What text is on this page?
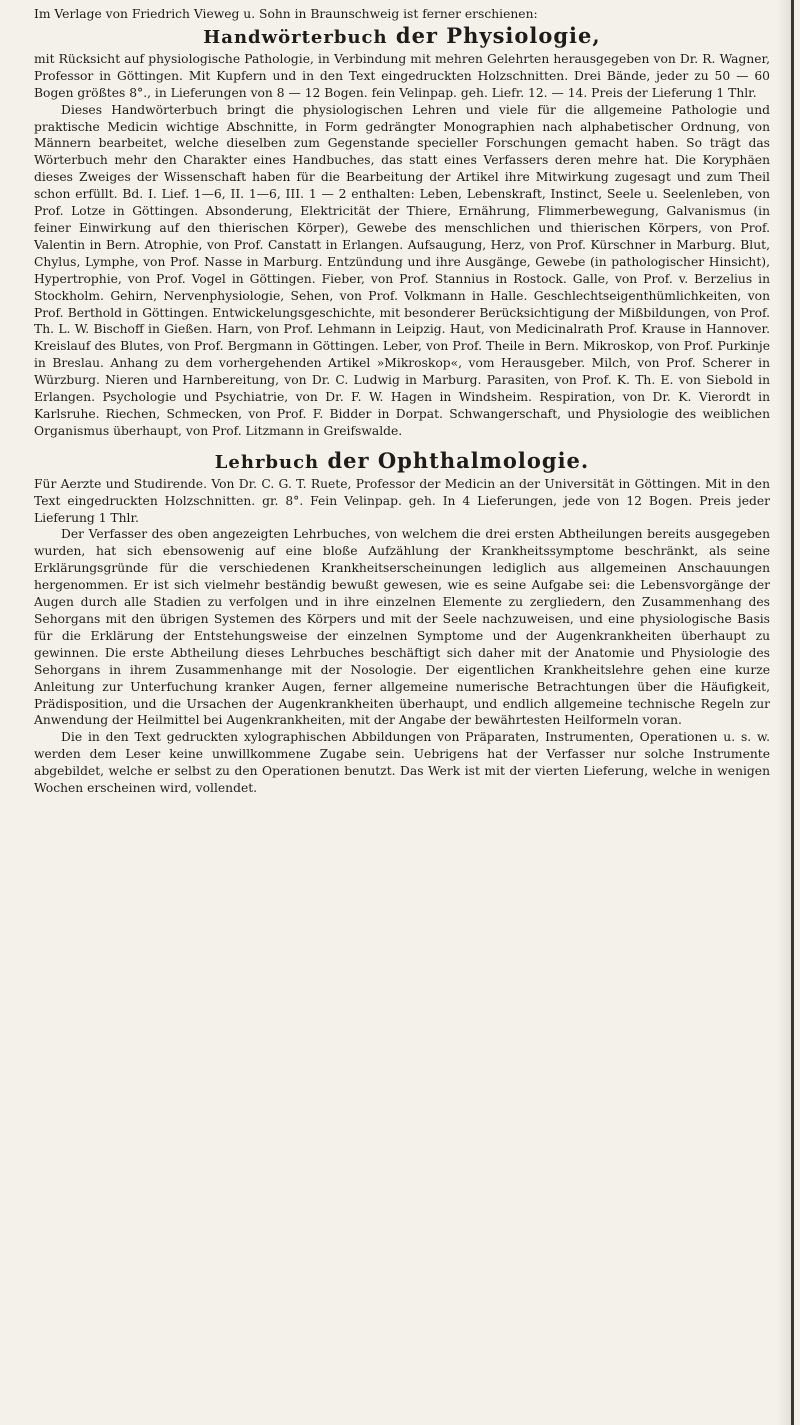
Im Verlage von Friedrich Vieweg u. Sohn in Braunschweig ist ferner erschienen:

Handwörterbuch der Physiologie,

mit Rücksicht auf physiologische Pathologie, in Verbindung mit mehren Gelehrten herausgegeben von Dr. R. Wagner, Professor in Göttingen. Mit Kupfern und in den Text eingedruckten Holzschnitten. Drei Bände, jeder zu 50 — 60 Bogen größtes 8°., in Lieferungen von 8 — 12 Bogen. fein Velinpap. geh. Liefr. 12. — 14. Preis der Lieferung 1 Thlr.

Dieses Handwörterbuch bringt die physiologischen Lehren und viele für die allgemeine Pathologie und praktische Medicin wichtige Abschnitte, in Form gedrängter Monographien nach alphabetischer Ordnung, von Männern bearbeitet, welche dieselben zum Gegenstande specieller Forschungen gemacht haben. So trägt das Wörterbuch mehr den Charakter eines Handbuches, das statt eines Verfassers deren mehre hat. Die Koryphäen dieses Zweiges der Wissenschaft haben für die Bearbeitung der Artikel ihre Mitwirkung zugesagt und zum Theil schon erfüllt. Bd. I. Lief. 1—6, II. 1—6, III. 1 — 2 enthalten: Leben, Lebenskraft, Instinct, Seele u. Seelenleben, von Prof. Lotze in Göttingen. Absonderung, Elektricität der Thiere, Ernährung, Flimmerbewegung, Galvanismus (in feiner Einwirkung auf den thierischen Körper), Gewebe des menschlichen und thierischen Körpers, von Prof. Valentin in Bern. Atrophie, von Prof. Canstatt in Erlangen. Aufsaugung, Herz, von Prof. Kürschner in Marburg. Blut, Chylus, Lymphe, von Prof. Nasse in Marburg. Entzündung und ihre Ausgänge, Gewebe (in pathologischer Hinsicht), Hypertrophie, von Prof. Vogel in Göttingen. Fieber, von Prof. Stannius in Rostock. Galle, von Prof. v. Berzelius in Stockholm. Gehirn, Nervenphysiologie, Sehen, von Prof. Volkmann in Halle. Geschlechtseigenthümlichkeiten, von Prof. Berthold in Göttingen. Entwickelungsgeschichte, mit besonderer Berücksichtigung der Mißbildungen, von Prof. Th. L. W. Bischoff in Gießen. Harn, von Prof. Lehmann in Leipzig. Haut, von Medicinalrath Prof. Krause in Hannover. Kreislauf des Blutes, von Prof. Bergmann in Göttingen. Leber, von Prof. Theile in Bern. Mikroskop, von Prof. Purkinje in Breslau. Anhang zu dem vorhergehenden Artikel »Mikroskop«, vom Herausgeber. Milch, von Prof. Scherer in Würzburg. Nieren und Harnbereitung, von Dr. C. Ludwig in Marburg. Parasiten, von Prof. K. Th. E. von Siebold in Erlangen. Psychologie und Psychiatrie, von Dr. F. W. Hagen in Windsheim. Respiration, von Dr. K. Vierordt in Karlsruhe. Riechen, Schmecken, von Prof. F. Bidder in Dorpat. Schwangerschaft, und Physiologie des weiblichen Organismus überhaupt, von Prof. Litzmann in Greifswalde.

Lehrbuch der Ophthalmologie.

Für Aerzte und Studirende. Von Dr. C. G. T. Ruete, Professor der Medicin an der Universität in Göttingen. Mit in den Text eingedruckten Holzschnitten. gr. 8°. Fein Velinpap. geh. In 4 Lieferungen, jede von 12 Bogen. Preis jeder Lieferung 1 Thlr.

Der Verfasser des oben angezeigten Lehrbuches, von welchem die drei ersten Abtheilungen bereits ausgegeben wurden, hat sich ebensowenig auf eine bloße Aufzählung der Krankheitssymptome beschränkt, als seine Erklärungsgründe für die verschiedenen Krankheitserscheinungen lediglich aus allgemeinen Anschauungen hergenommen. Er ist sich vielmehr beständig bewußt gewesen, wie es seine Aufgabe sei: die Lebensvorgänge der Augen durch alle Stadien zu verfolgen und in ihre einzelnen Elemente zu zergliedern, den Zusammenhang des Sehorgans mit den übrigen Systemen des Körpers und mit der Seele nachzuweisen, und eine physiologische Basis für die Erklärung der Entstehungsweise der einzelnen Symptome und der Augenkrankheiten überhaupt zu gewinnen. Die erste Abtheilung dieses Lehrbuches beschäftigt sich daher mit der Anatomie und Physiologie des Sehorgans in ihrem Zusammenhange mit der Nosologie. Der eigentlichen Krankheitslehre gehen eine kurze Anleitung zur Unterfuchung kranker Augen, ferner allgemeine numerische Betrachtungen über die Häufigkeit, Prädisposition, und die Ursachen der Augenkrankheiten überhaupt, und endlich allgemeine technische Regeln zur Anwendung der Heilmittel bei Augenkrankheiten, mit der Angabe der bewährtesten Heilformeln voran.

Die in den Text gedruckten xylographischen Abbildungen von Präparaten, Instrumenten, Operationen u. s. w. werden dem Leser keine unwillkommene Zugabe sein. Uebrigens hat der Verfasser nur solche Instrumente abgebildet, welche er selbst zu den Operationen benutzt. Das Werk ist mit der vierten Lieferung, welche in wenigen Wochen erscheinen wird, vollendet.
